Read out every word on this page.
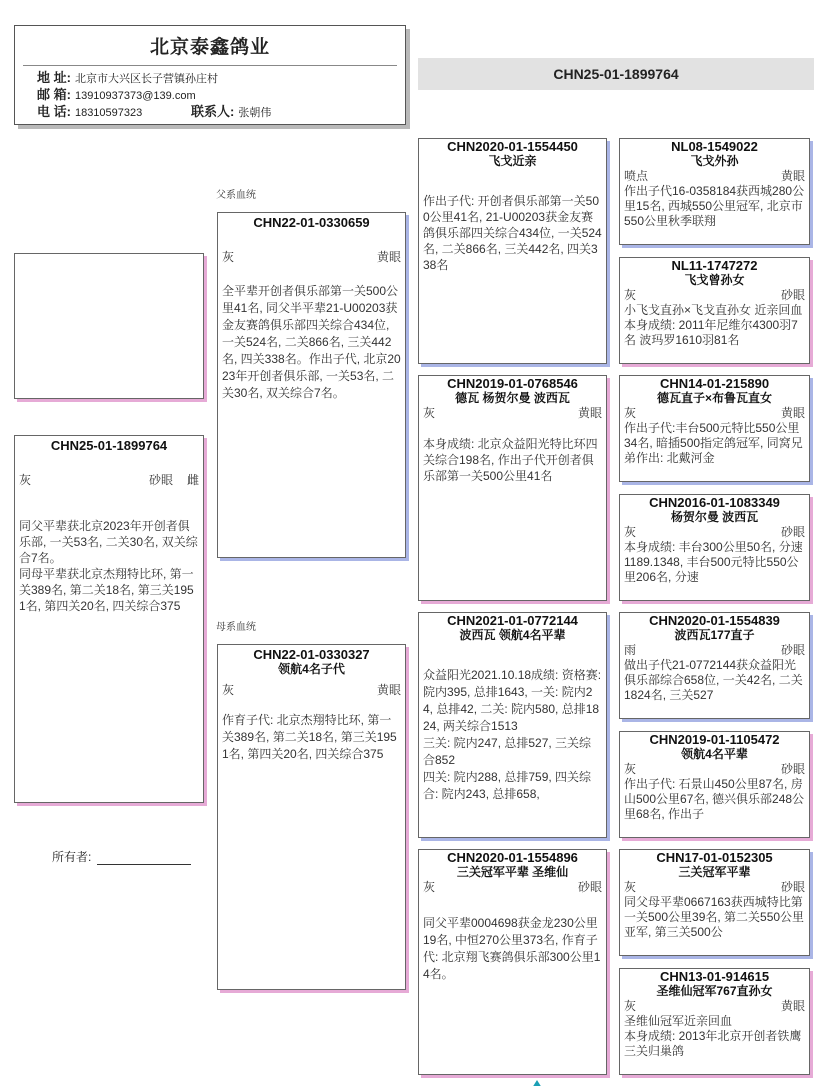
北京泰鑫鸽业
地 址: 北京市大兴区长子营镇孙庄村
邮 箱: 13910937373@139.com
电 话: 18310597323	联系人: 张朝伟
CHN25-01-1899764
CHN25-01-1899764
灰	砂眼 雌
同父平辈获北京2023年开创者俱乐部, 一关53名, 二关30名, 双关综合7名。
同母平辈获北京杰翔特比环, 第一关389名, 第二关18名, 第三关1951名, 第四关20名, 四关综合375
所有者:
父系血统
母系血统
CHN22-01-0330659
灰	黄眼
全平辈开创者俱乐部第一关500公里41名, 同父半平辈21-U00203获金友赛鸽俱乐部四关综合434位, 一关524名, 二关866名, 三关442名, 四关338名。作出子代, 北京2023年开创者俱乐部, 一关53名, 二关30名, 双关综合7名。
CHN22-01-0330327
领航4名子代
灰	黄眼
作育子代: 北京杰翔特比环, 第一关389名, 第二关18名, 第三关1951名, 第四关20名, 四关综合375
CHN2020-01-1554450
飞戈近亲
作出子代: 开创者俱乐部第一关500公里41名, 21-U00203获金友赛鸽俱乐部四关综合434位, 一关524名, 二关866名, 三关442名, 四关338名
CHN2019-01-0768546
德瓦 杨贺尔曼 波西瓦
灰	黄眼
本身成绩: 北京众益阳光特比环四关综合198名, 作出子代开创者俱乐部第一关500公里41名
CHN2021-01-0772144
波西瓦 领航4名平辈
众益阳光2021.10.18成绩: 资格赛: 院内395, 总排1643, 一关: 院内24, 总排42, 二关: 院内580, 总排1824, 两关综合1513
三关: 院内247, 总排527, 三关综合852
四关: 院内288, 总排759, 四关综合: 院内243, 总排658,
CHN2020-01-1554896
三关冠军平辈 圣维仙
灰	砂眼
同父平辈0004698获金龙230公里19名, 中恒270公里373名, 作育子代: 北京翔飞赛鸽俱乐部300公里14名。
NL08-1549022
飞戈外孙
喷点	黄眼
作出子代16-0358184获西城280公里15名, 西城550公里冠军, 北京市550公里秋季联翔
NL11-1747272
飞戈曾孙女
灰	砂眼
小飞戈直孙×飞戈直孙女 近亲回血 本身成绩: 2011年尼维尔4300羽7名 波玛罗1610羽81名
CHN14-01-215890
德瓦直子×布鲁瓦直女
灰	黄眼
作出子代:丰台500元特比550公里34名, 暗插500指定鸽冠军, 同窝兄弟作出: 北戴河金
CHN2016-01-1083349
杨贺尔曼 波西瓦
灰	砂眼
本身成绩: 丰台300公里50名, 分速1189.1348, 丰台500元特比550公里206名, 分速
CHN2020-01-1554839
波西瓦177直子
雨	砂眼
做出子代21-0772144获众益阳光俱乐部综合658位, 一关42名, 二关1824名, 三关527
CHN2019-01-1105472
领航4名平辈
灰	砂眼
作出子代: 石景山450公里87名, 房山500公里67名, 德兴俱乐部248公里68名, 作出子
CHN17-01-0152305
三关冠军平辈
灰	砂眼
同父母平辈0667163获西城特比第一关500公里39名, 第二关550公里亚军, 第三关500公
CHN13-01-914615
圣维仙冠军767直孙女
灰	黄眼
圣维仙冠军近亲回血
本身成绩: 2013年北京开创者铁鹰三关归巢鸽
